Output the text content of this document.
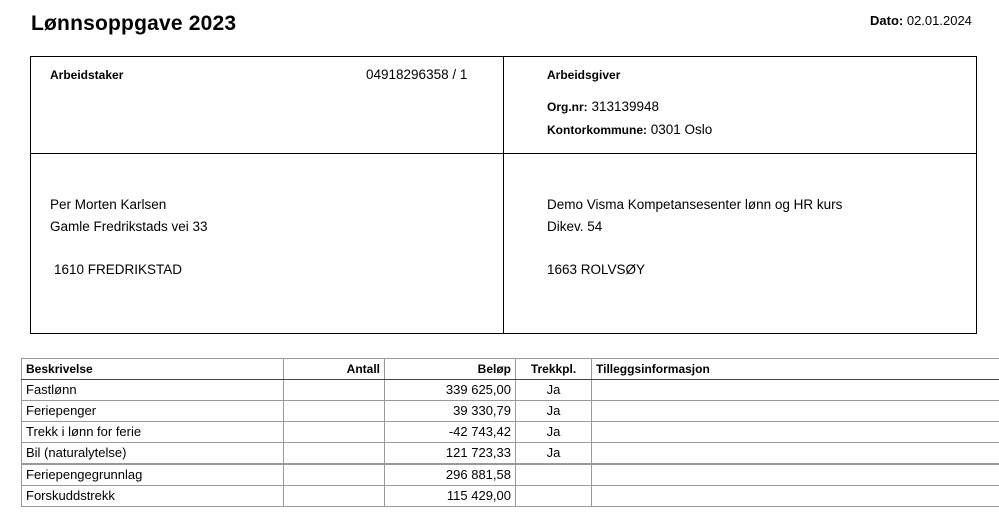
Lønnsoppgave 2023	Dato: 02.01.2024
Arbeidstaker	04918296358 / 1
Per Morten Karlsen
Gamle Fredrikstads vei 33
1610 FREDRIKSTAD
Arbeidsgiver
Org.nr: 313139948
Kontorkommune: 0301 Oslo
Demo Visma Kompetansesenter lønn og HR kurs
Dikev. 54
1663 ROLVSØY
Beskrivelse	Antall	Beløp	Trekkpl.	Tilleggsinformasjon
Fastlønn		339 625,00	Ja	
Feriepenger		39 330,79	Ja	
Trekk i lønn for ferie		-42 743,42	Ja	
Bil (naturalytelse)		121 723,33	Ja	
Feriepengegrunnlag		296 881,58		
Forskuddstrekk		115 429,00		
